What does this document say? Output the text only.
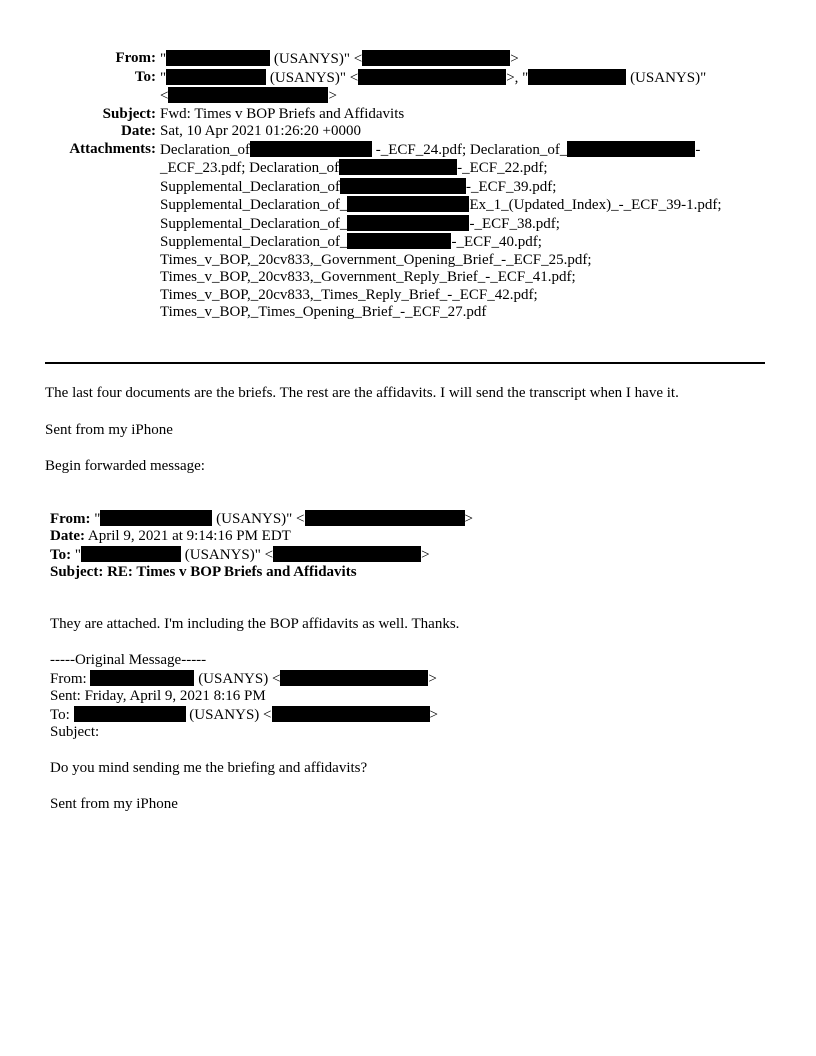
From: "	(USANYS)" <	>
To: "	(USANYS)" <	>, "	(USANYS)"
<	>
Subject: Fwd: Times v BOP Briefs and Affidavits
Date: Sat, 10 Apr 2021 01:26:20 +0000
Attachments: Declaration_of	-_ECF_24.pdf; Declaration_of_	-
_ECF_23.pdf; Declaration_of	-_ECF_22.pdf;
Supplemental_Declaration_of	-_ECF_39.pdf;
Supplemental_Declaration_of_	Ex_1_(Updated_Index)_-_ECF_39-1.pdf;
Supplemental_Declaration_of_	-_ECF_38.pdf;
Supplemental_Declaration_of_	-_ECF_40.pdf;
Times_v_BOP,_20cv833,_Government_Opening_Brief_-_ECF_25.pdf;
Times_v_BOP,_20cv833,_Government_Reply_Brief_-_ECF_41.pdf;
Times_v_BOP,_20cv833,_Times_Reply_Brief_-_ECF_42.pdf;
Times_v_BOP,_Times_Opening_Brief_-_ECF_27.pdf
The last four documents are the briefs. The rest are the affidavits. I will send the transcript when I have it.
Sent from my iPhone
Begin forwarded message:
From: "	(USANYS)" <	>
Date: April 9, 2021 at 9:14:16 PM EDT
To: "	(USANYS)" <	>
Subject: RE: Times v BOP Briefs and Affidavits
They are attached. I'm including the BOP affidavits as well. Thanks.
-----Original Message-----
From:	(USANYS) <	>
Sent: Friday, April 9, 2021 8:16 PM
To:	(USANYS) <	>
Subject:
Do you mind sending me the briefing and affidavits?
Sent from my iPhone
